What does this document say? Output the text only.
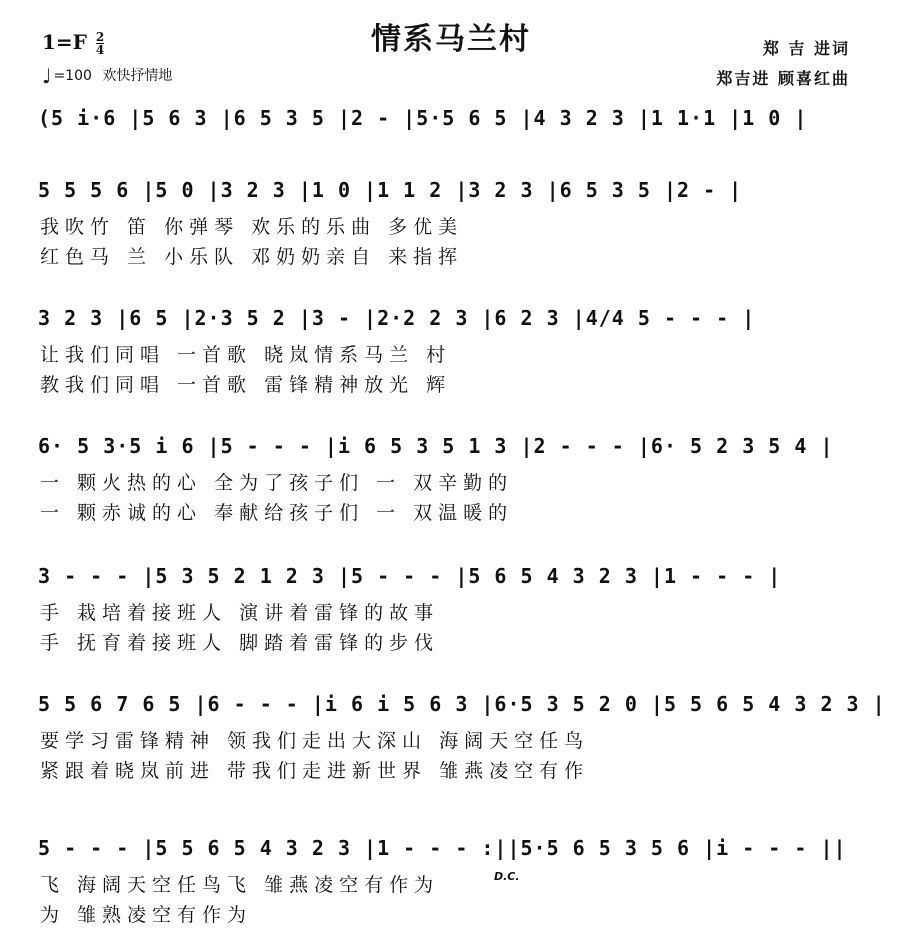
情系马兰村
$1=F \frac{2}{4}$
♩ =100 欢快抒情地
郑 吉 进词
郑吉进 顾喜红曲
(5 i·6 |5 6 3 |6 5 3 5 |2 - |5·5 6 5 |4 3 2 3 |1 1·1 |1 0 |
5 5 5 6 |5 0 |3 2 3 |1 0 |1 1 2 |3 2 3 |6 5 3 5 |2 - |
我吹竹 笛 你弹琴 欢乐的乐曲 多优美
红色马 兰 小乐队 邓奶奶亲自 来指挥
3 2 3 |6 5 |2·3 5 2 |3 - |2·2 2 3 |6 2 3 |4/4 5 - - - |
让我们同唱 一首歌 晓岚情系马兰 村
教我们同唱 一首歌 雷锋精神放光 辉
6· 5 3·5 i 6 |5 - - - |i 6 5 3 5 1 3 |2 - - - |6· 5 2 3 5 4 |
一 颗火热的心 全为了孩子们 一 双辛勤的
一 颗赤诚的心 奉献给孩子们 一 双温暖的
3 - - - |5 3 5 2 1 2 3 |5 - - - |5 6 5 4 3 2 3 |1 - - - |
手 栽培着接班人 演讲着雷锋的故事
手 抚育着接班人 脚踏着雷锋的步伐
5 5 6 7 6 5 |6 - - - |i 6 i 5 6 3 |6·5 3 5 2 0 |5 5 6 5 4 3 2 3 |
要学习雷锋精神 领我们走出大深山 海阔天空任鸟
紧跟着晓岚前进 带我们走进新世界 雏燕凌空有作
5 - - - |5 5 6 5 4 3 2 3 |1 - - - :||5·5 6 5 3 5 6 |i - - - ||
飞 海阔天空任鸟飞 雏燕凌空有作为
为 雏熟凌空有作为
D.C.
